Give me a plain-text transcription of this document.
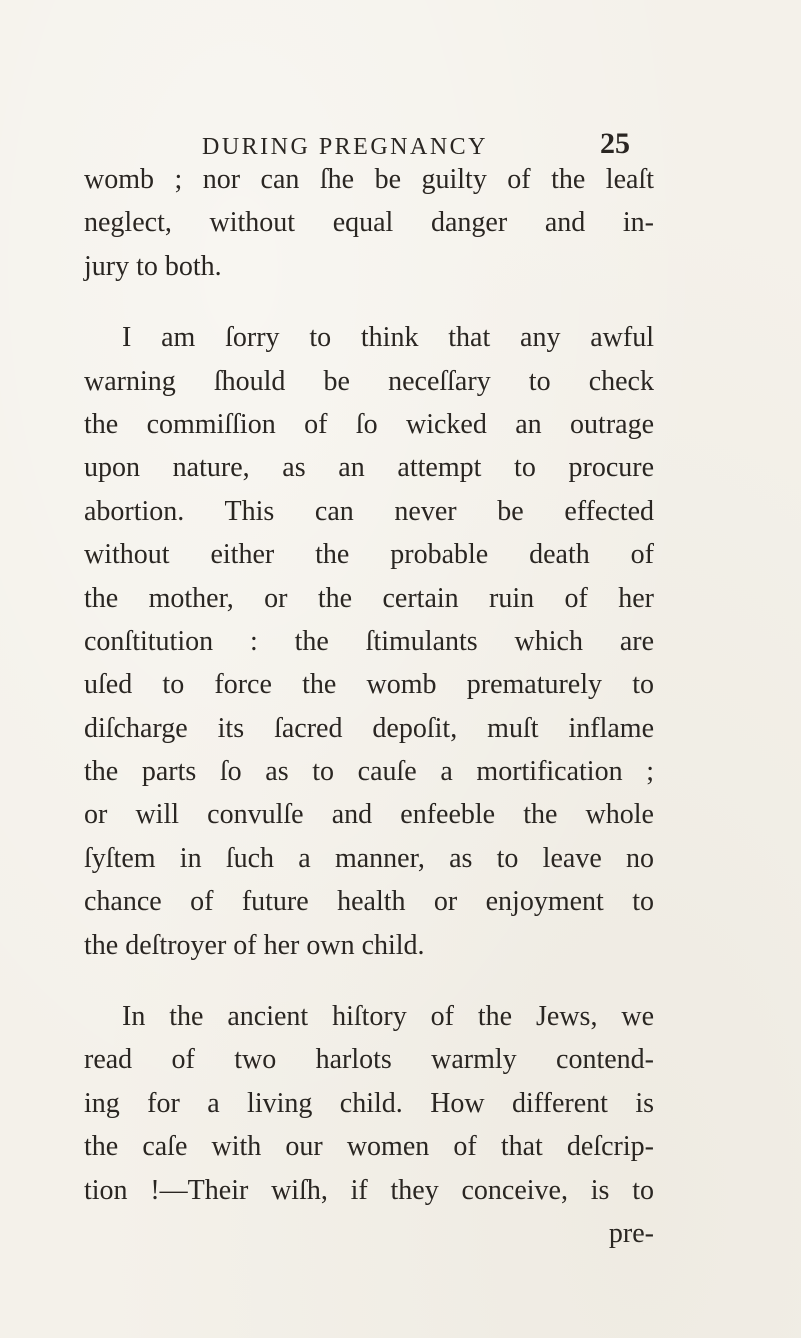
DURING PREGNANCY	25
womb ; nor can ſhe be guilty of the leaſt
neglect, without equal danger and in-
jury to both.
I am ſorry to think that any awful
warning ſhould be neceſſary to check
the commiſſion of ſo wicked an outrage
upon nature, as an attempt to procure
abortion. This can never be effected
without either the probable death of
the mother, or the certain ruin of her
conſtitution : the ſtimulants which are
uſed to force the womb prematurely to
diſcharge its ſacred depoſit, muſt inflame
the parts ſo as to cauſe a mortification ;
or will convulſe and enfeeble the whole
ſyſtem in ſuch a manner, as to leave no
chance of future health or enjoyment to
the deſtroyer of her own child.
In the ancient hiſtory of the Jews, we
read of two harlots warmly contend-
ing for a living child. How different is
the caſe with our women of that deſcrip-
tion !—Their wiſh, if they conceive, is to
pre-
